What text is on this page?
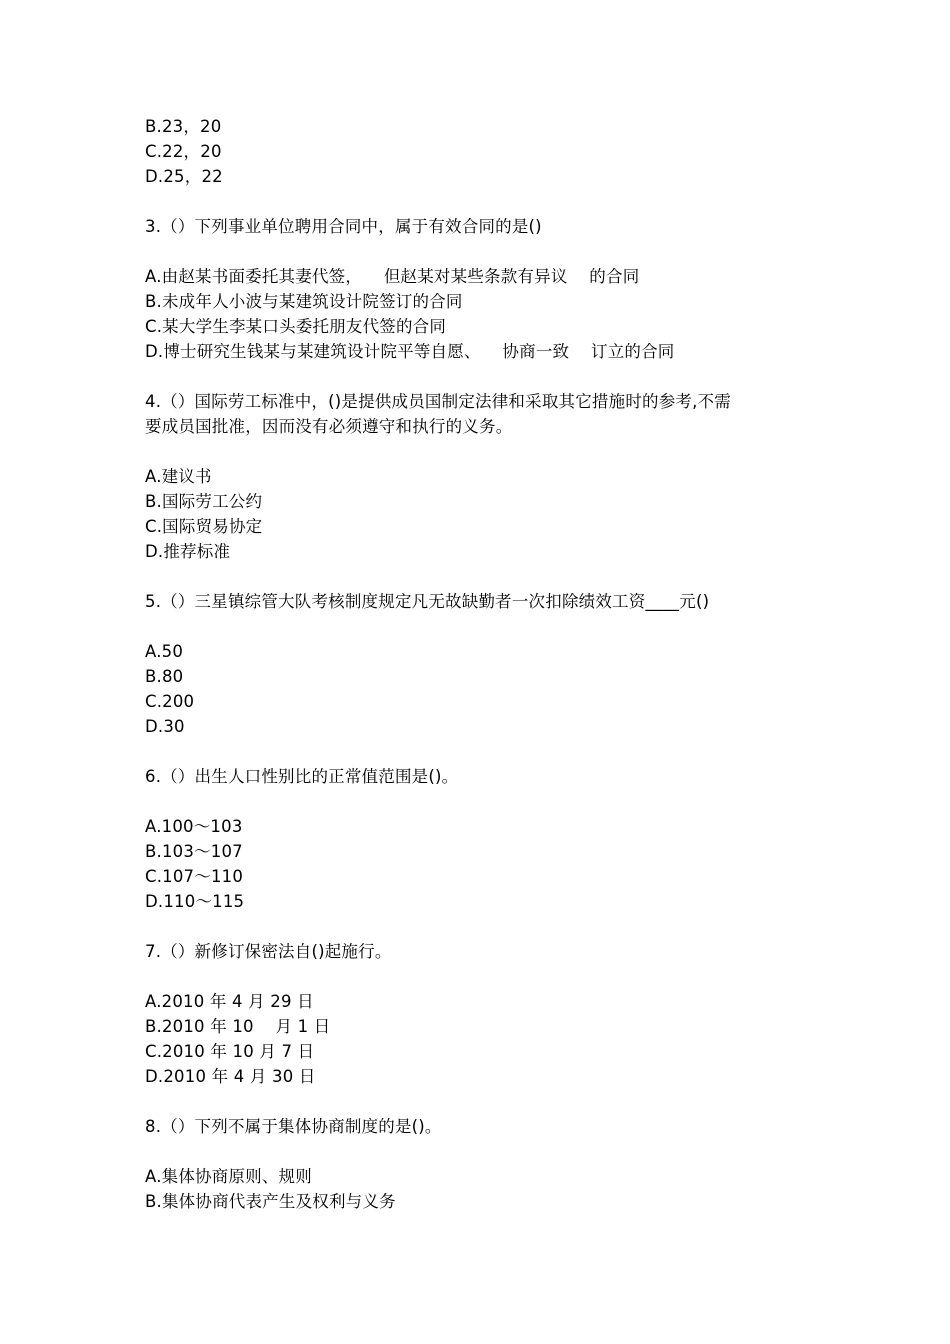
B.23，20
C.22，20
D.25，22
3.（）下列事业单位聘用合同中，属于有效合同的是()
A.由赵某书面委托其妻代签，    但赵某对某些条款有异议    的合同
B.未成年人小波与某建筑设计院签订的合同
C.某大学生李某口头委托朋友代签的合同
D.博士研究生钱某与某建筑设计院平等自愿、    协商一致    订立的合同
4.（）国际劳工标准中，()是提供成员国制定法律和采取其它措施时的参考,不需
要成员国批准，因而没有必须遵守和执行的义务。
A.建议书
B.国际劳工公约
C.国际贸易协定
D.推荐标准
5.（）三星镇综管大队考核制度规定凡无故缺勤者一次扣除绩效工资____元()
A.50
B.80
C.200
D.30
6.（）出生人口性别比的正常值范围是()。
A.100～103
B.103～107
C.107～110
D.110～115
7.（）新修订保密法自()起施行。
A.2010 年 4 月 29 日
B.2010 年 10    月 1 日
C.2010 年 10 月 7 日
D.2010 年 4 月 30 日
8.（）下列不属于集体协商制度的是()。
A.集体协商原则、规则
B.集体协商代表产生及权利与义务
